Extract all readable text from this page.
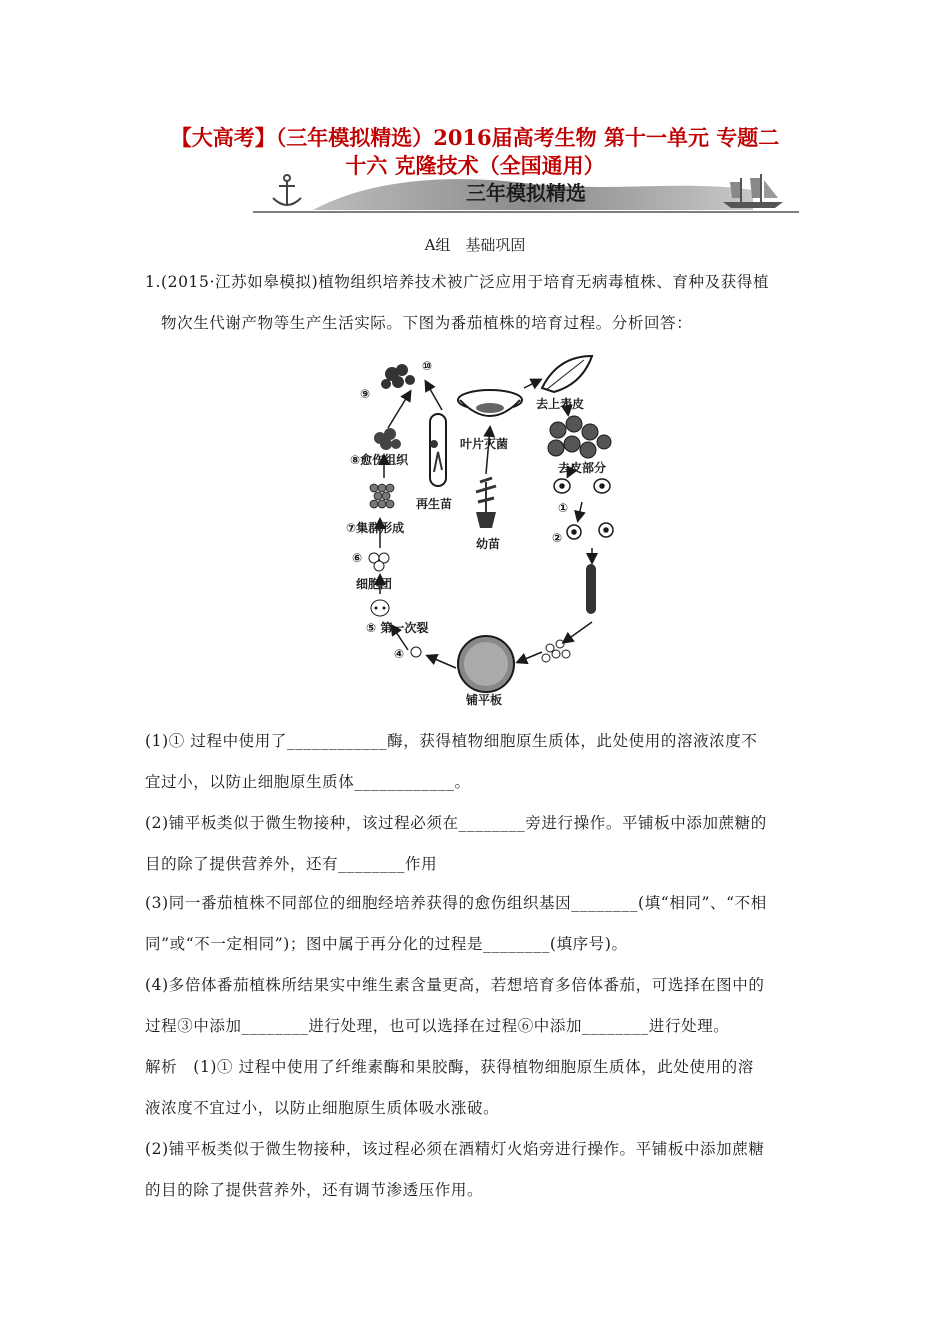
【大高考】（三年模拟精选）2016届高考生物 第十一单元 专题二
十六 克隆技术（全国通用）
三年模拟精选
A组　基础巩固
1.(2015·江苏如皋模拟)植物组织培养技术被广泛应用于培育无病毒植株、育种及获得植
物次生代谢产物等生产生活实际。下图为番茄植株的培育过程。分析回答：
⑨
⑩
叶片灭菌
去上表皮
去皮部分
再生苗
幼苗
⑧愈伤组织
⑦集群形成
⑥
细胞团
⑤ 第一次裂
④
铺平板
①
②
(1)① 过程中使用了____________酶，获得植物细胞原生质体，此处使用的溶液浓度不
宜过小，以防止细胞原生质体____________。
(2)铺平板类似于微生物接种，该过程必须在________旁进行操作。平铺板中添加蔗糖的
目的除了提供营养外，还有________作用
(3)同一番茄植株不同部位的细胞经培养获得的愈伤组织基因________(填“相同”、“不相
同”或“不一定相同”)；图中属于再分化的过程是________(填序号)。
(4)多倍体番茄植株所结果实中维生素含量更高，若想培育多倍体番茄，可选择在图中的
过程③中添加________进行处理，也可以选择在过程⑥中添加________进行处理。
解析　(1)① 过程中使用了纤维素酶和果胶酶，获得植物细胞原生质体，此处使用的溶
液浓度不宜过小，以防止细胞原生质体吸水涨破。
(2)铺平板类似于微生物接种，该过程必须在酒精灯火焰旁进行操作。平铺板中添加蔗糖
的目的除了提供营养外，还有调节渗透压作用。
